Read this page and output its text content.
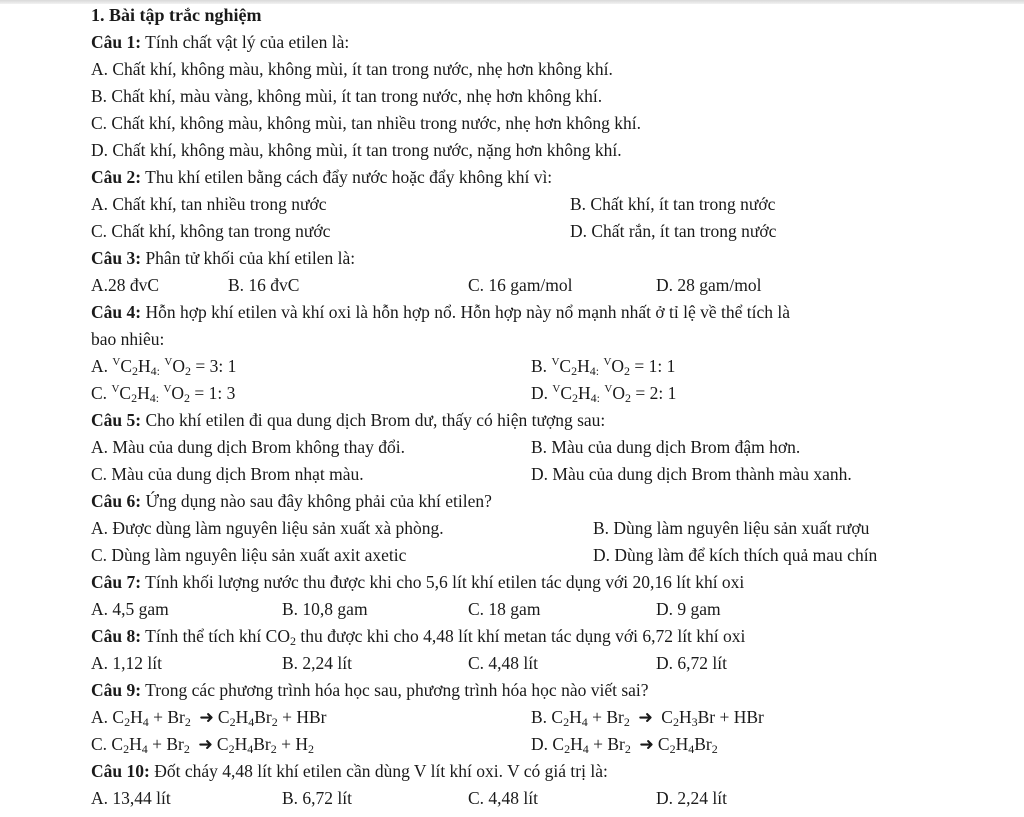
1. Bài tập trắc nghiệm
Câu 1: Tính chất vật lý của etilen là:
A. Chất khí, không màu, không mùi, ít tan trong nước, nhẹ hơn không khí.
B. Chất khí, màu vàng, không mùi, ít tan trong nước, nhẹ hơn không khí.
C. Chất khí, không màu, không mùi, tan nhiều trong nước, nhẹ hơn không khí.
D. Chất khí, không màu, không mùi, ít tan trong nước, nặng hơn không khí.
Câu 2: Thu khí etilen bằng cách đẩy nước hoặc đẩy không khí vì:
A. Chất khí, tan nhiều trong nước	B. Chất khí, ít tan trong nước
C. Chất khí, không tan trong nước	D. Chất rắn, ít tan trong nước
Câu 3: Phân tử khối của khí etilen là:
A.28 đvC	B. 16 đvC	C. 16 gam/mol	D. 28 gam/mol
Câu 4: Hỗn hợp khí etilen và khí oxi là hỗn hợp nổ. Hỗn hợp này nổ mạnh nhất ở tỉ lệ về thể tích là
bao nhiêu:
A. $^VC_2H_{4:}$ $^VO_2 = 3$: 1	B. $^VC_2H_{4:}$ $^VO_2 = 1$: 1
C. $^VC_2H_{4:}$ $^VO_2 = 1$: 3	D. $^VC_2H_{4:}$ $^VO_2 = 2$: 1
Câu 5: Cho khí etilen đi qua dung dịch Brom dư, thấy có hiện tượng sau:
A. Màu của dung dịch Brom không thay đổi.	B. Màu của dung dịch Brom đậm hơn.
C. Màu của dung dịch Brom nhạt màu.	D. Màu của dung dịch Brom thành màu xanh.
Câu 6: Ứng dụng nào sau đây không phải của khí etilen?
A. Được dùng làm nguyên liệu sản xuất xà phòng.	B. Dùng làm nguyên liệu sản xuất rượu
C. Dùng làm nguyên liệu sản xuất axit axetic	D. Dùng làm để kích thích quả mau chín
Câu 7: Tính khối lượng nước thu được khi cho 5,6 lít khí etilen tác dụng với 20,16 lít khí oxi
A. 4,5 gam	B. 10,8 gam	C. 18 gam	D. 9 gam
Câu 8: Tính thể tích khí $CO_2$ thu được khi cho 4,48 lít khí metan tác dụng với 6,72 lít khí oxi
A. 1,12 lít	B. 2,24 lít	C. 4,48 lít	D. 6,72 lít
Câu 9: Trong các phương trình hóa học sau, phương trình hóa học nào viết sai?
A. $C_2H_4 + Br_2$ ➜ $C_2H_4Br_2$ + HBr	B. $C_2H_4 + Br_2$ ➜ $C_2H_3Br$ + HBr
C. $C_2H_4 + Br_2$ ➜ $C_2H_4Br_2 + H_2$	D. $C_2H_4 + Br_2$ ➜ $C_2H_4Br_2$
Câu 10: Đốt cháy 4,48 lít khí etilen cần dùng V lít khí oxi. V có giá trị là:
A. 13,44 lít	B. 6,72 lít	C. 4,48 lít	D. 2,24 lít
